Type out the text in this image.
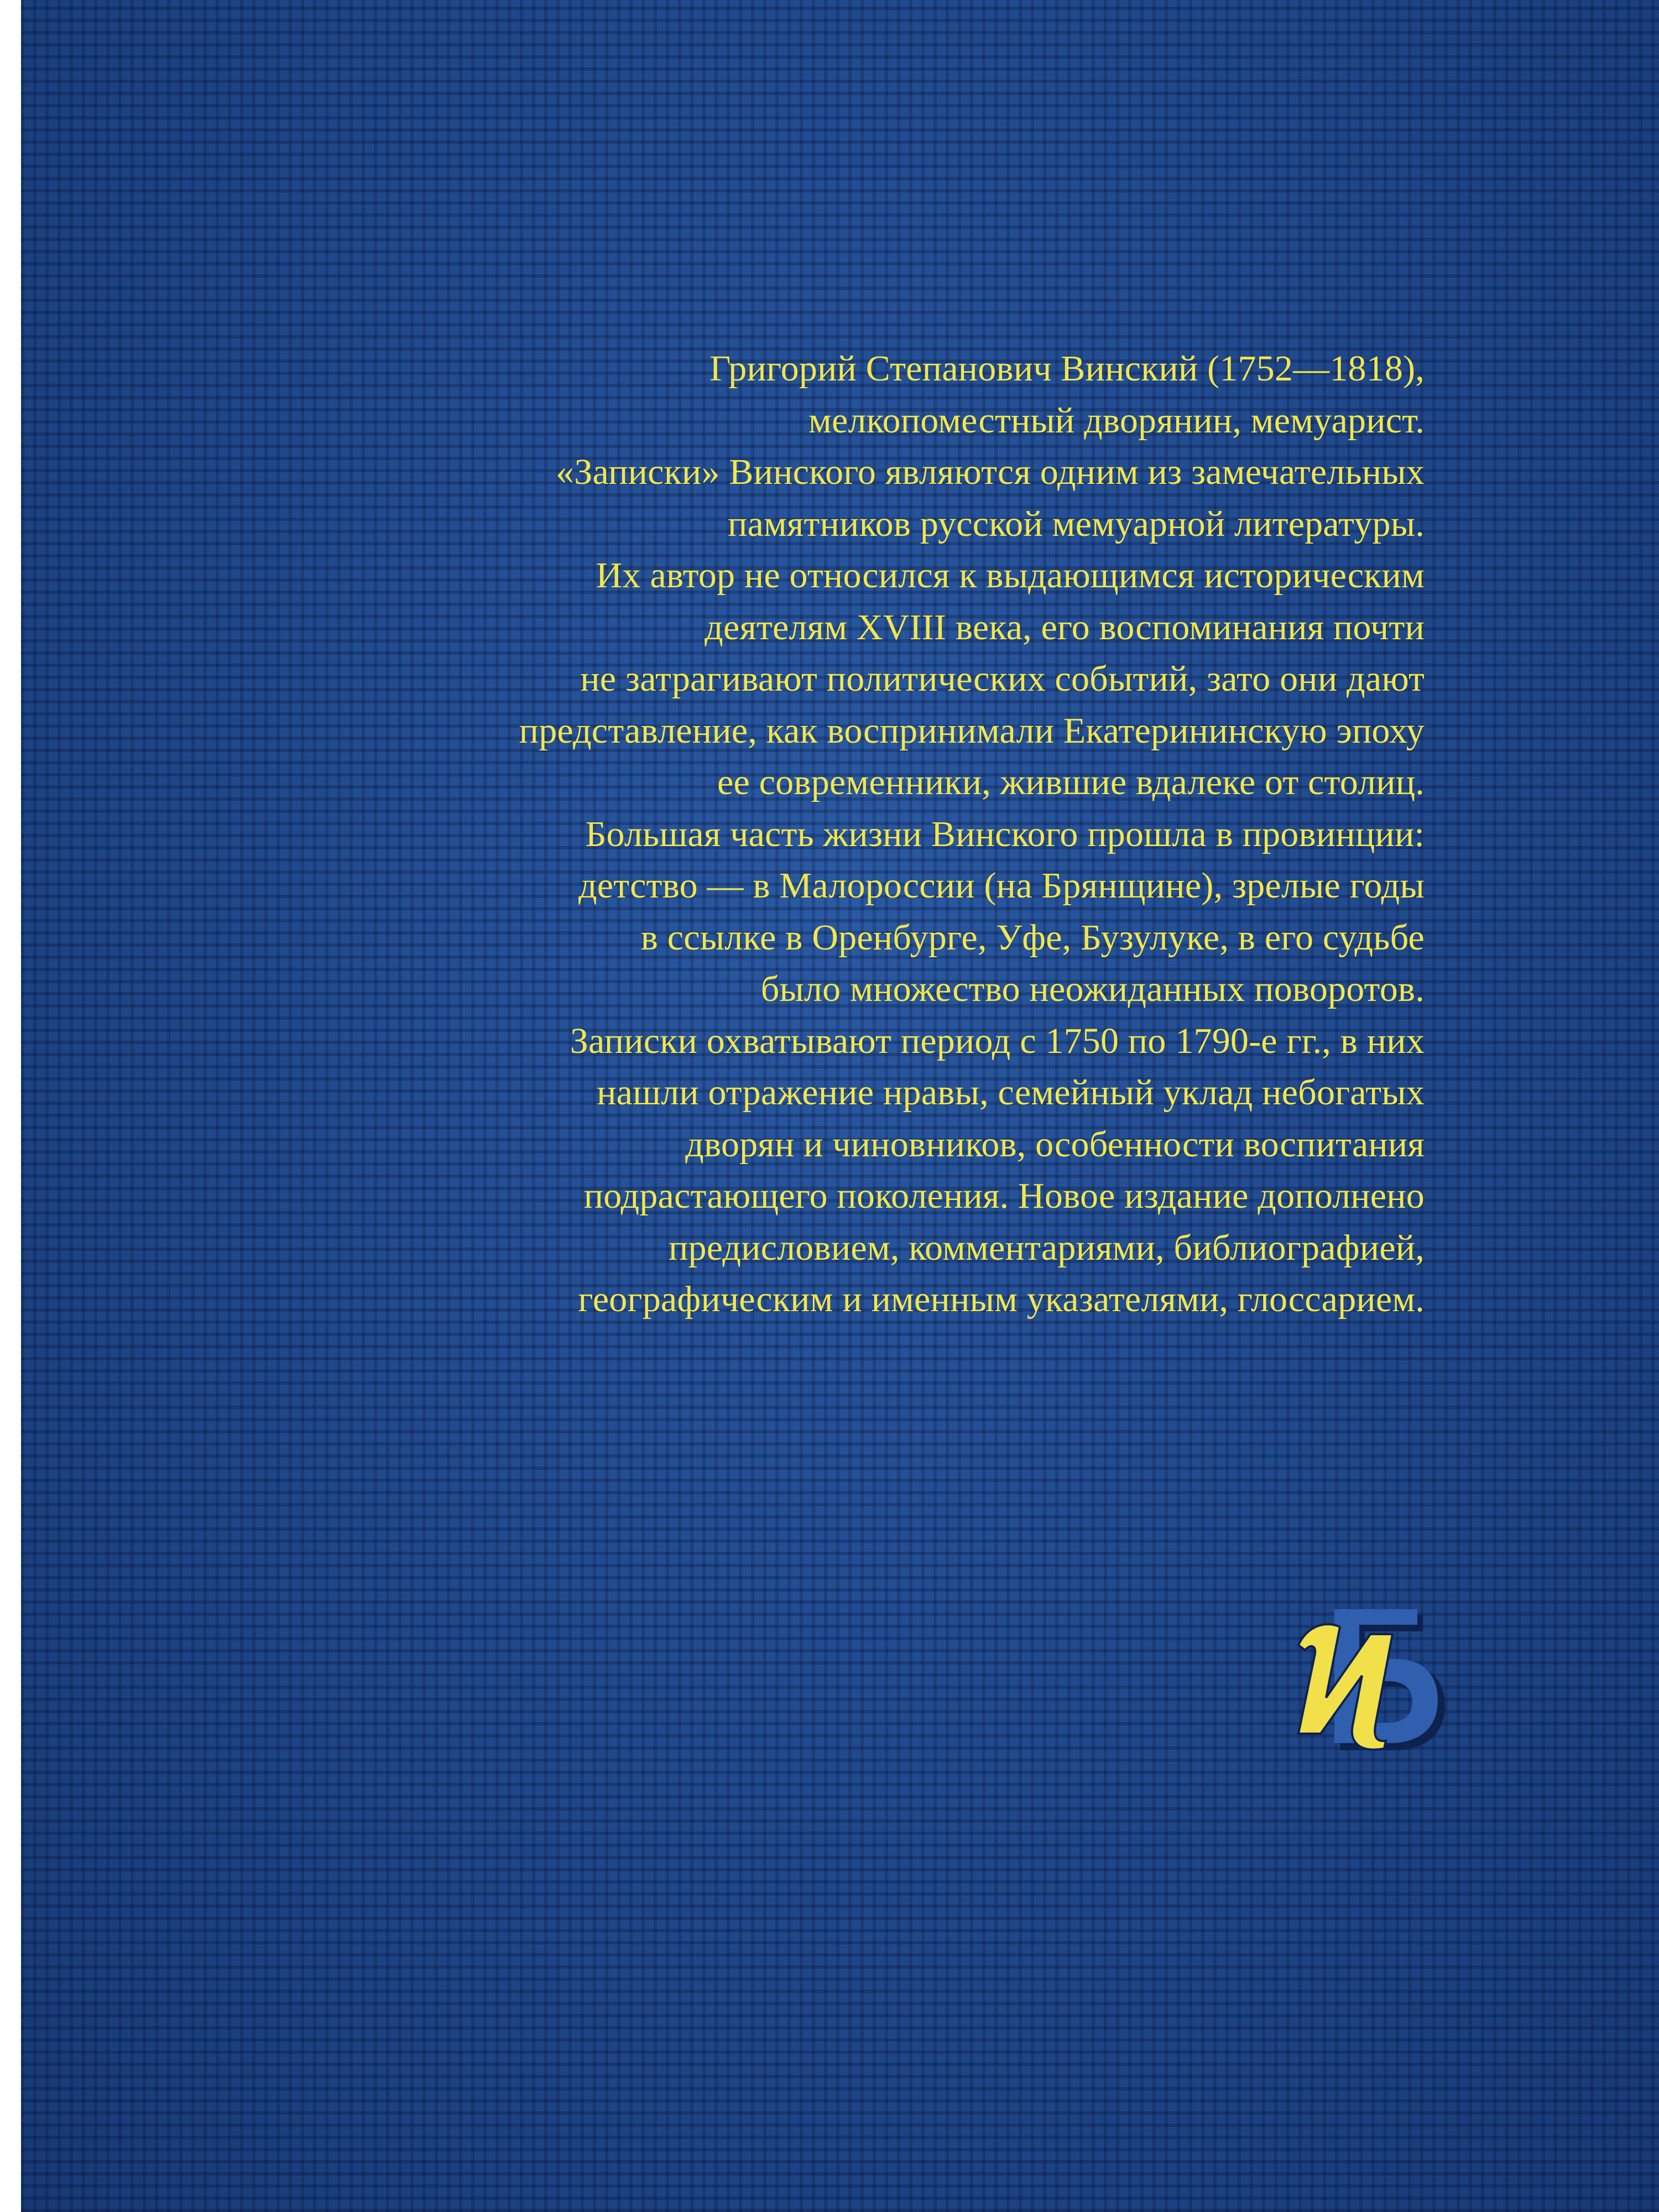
Григорий Степанович Винский (1752—1818),
мелкопоместный дворянин, мемуарист.
«Записки» Винского являются одним из замечательных
памятников русской мемуарной литературы.
Их автор не относился к выдающимся историческим
деятелям XVIII века, его воспоминания почти
не затрагивают политических событий, зато они дают
представление, как воспринимали Екатерининскую эпоху
ее современники, жившие вдалеке от столиц.
Большая часть жизни Винского прошла в провинции:
детство — в Малороссии (на Брянщине), зрелые годы
в ссылке в Оренбурге, Уфе, Бузулуке, в его судьбе
было множество неожиданных поворотов.
Записки охватывают период с 1750 по 1790-е гг., в них
нашли отражение нравы, семейный уклад небогатых
дворян и чиновников, особенности воспитания
подрастающего поколения. Новое издание дополнено
предисловием, комментариями, библиографией,
географическим и именным указателями, глоссарием.
